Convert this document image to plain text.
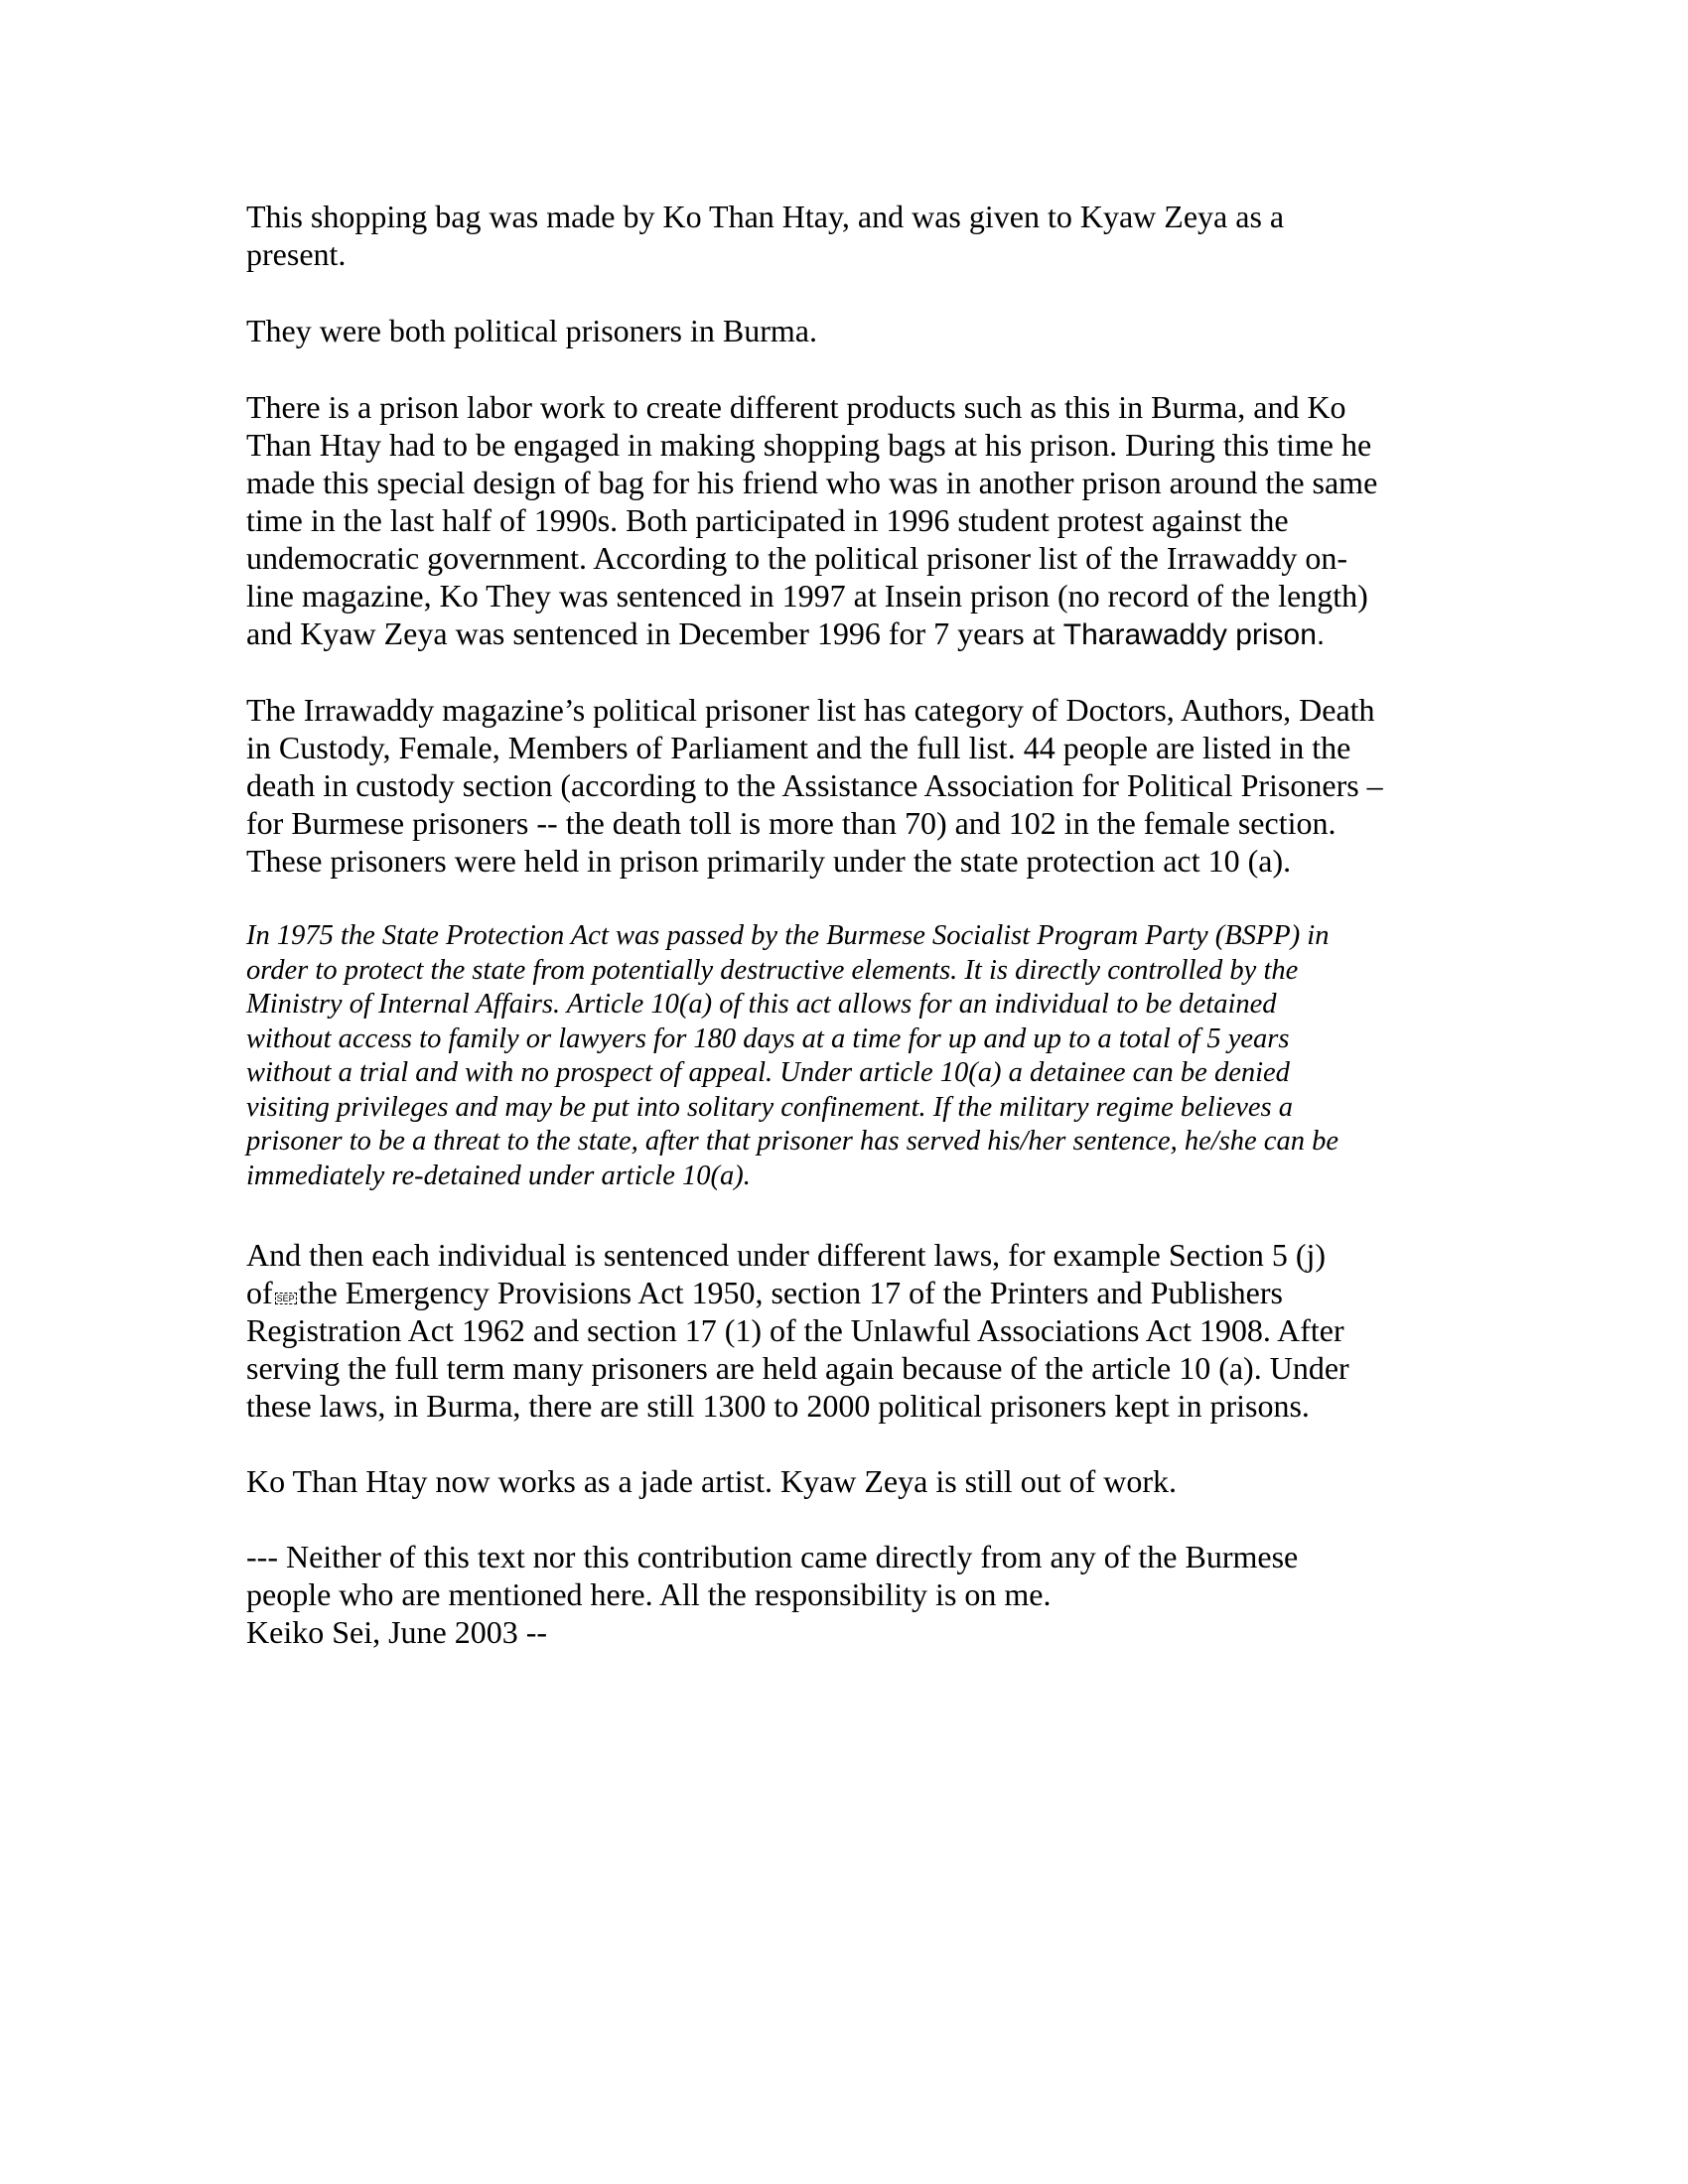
This shopping bag was made by Ko Than Htay, and was given to Kyaw Zeya as a
present.

They were both political prisoners in Burma.

There is a prison labor work to create different products such as this in Burma, and Ko
Than Htay had to be engaged in making shopping bags at his prison. During this time he
made this special design of bag for his friend who was in another prison around the same
time in the last half of 1990s. Both participated in 1996 student protest against the
undemocratic government. According to the political prisoner list of the Irrawaddy on-
line magazine, Ko They was sentenced in 1997 at Insein prison (no record of the length)
and Kyaw Zeya was sentenced in December 1996 for 7 years at Tharawaddy prison.

The Irrawaddy magazine’s political prisoner list has category of Doctors, Authors, Death
in Custody, Female, Members of Parliament and the full list. 44 people are listed in the
death in custody section (according to the Assistance Association for Political Prisoners –
for Burmese prisoners -- the death toll is more than 70) and 102 in the female section.
These prisoners were held in prison primarily under the state protection act 10 (a).

In 1975 the State Protection Act was passed by the Burmese Socialist Program Party (BSPP) in
order to protect the state from potentially destructive elements. It is directly controlled by the
Ministry of Internal Affairs. Article 10(a) of this act allows for an individual to be detained
without access to family or lawyers for 180 days at a time for up and up to a total of 5 years
without a trial and with no prospect of appeal. Under article 10(a) a detainee can be denied
visiting privileges and may be put into solitary confinement. If the military regime believes a
prisoner to be a threat to the state, after that prisoner has served his/her sentence, he/she can be
immediately re-detained under article 10(a).

And then each individual is sentenced under different laws, for example Section 5 (j)
of SEP the Emergency Provisions Act 1950, section 17 of the Printers and Publishers
Registration Act 1962 and section 17 (1) of the Unlawful Associations Act 1908. After
serving the full term many prisoners are held again because of the article 10 (a). Under
these laws, in Burma, there are still 1300 to 2000 political prisoners kept in prisons.

Ko Than Htay now works as a jade artist. Kyaw Zeya is still out of work.

--- Neither of this text nor this contribution came directly from any of the Burmese
people who are mentioned here. All the responsibility is on me.
Keiko Sei, June 2003 --
